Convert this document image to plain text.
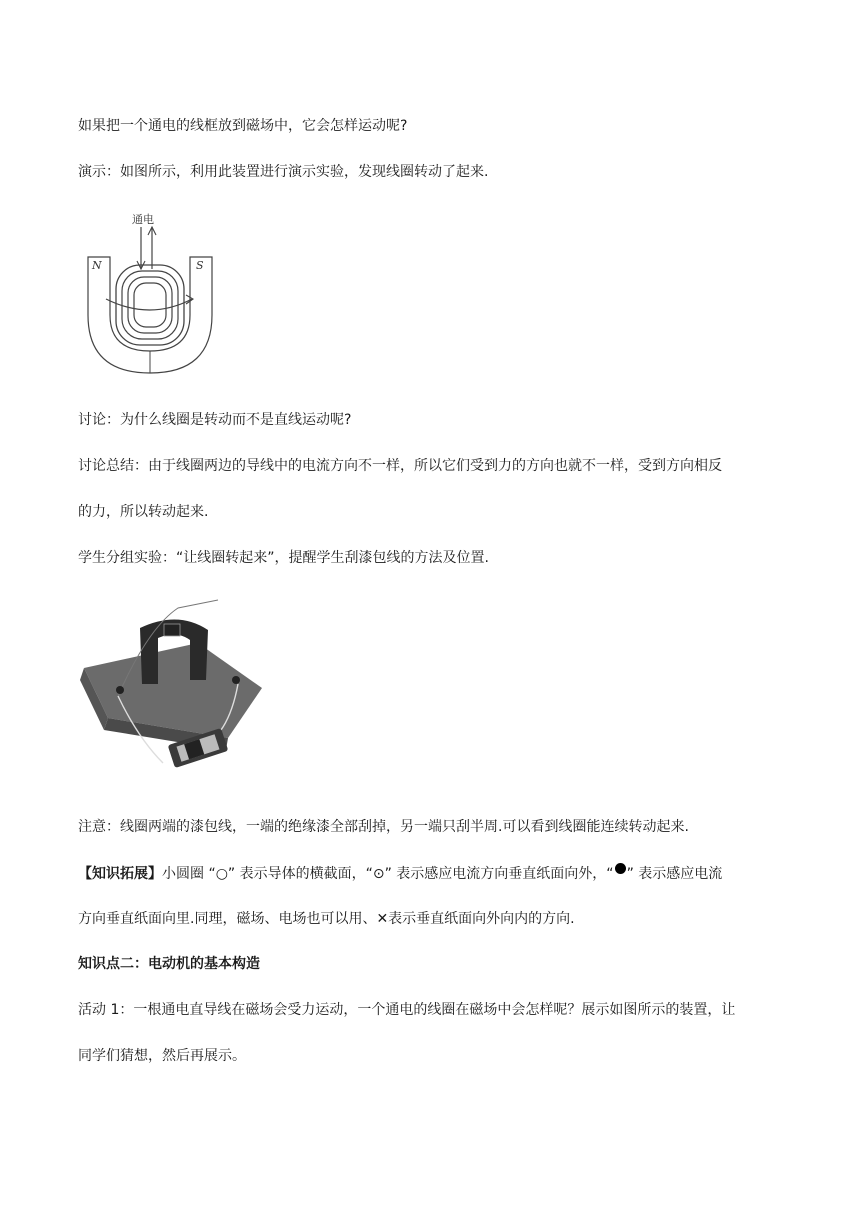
如果把一个通电的线框放到磁场中，它会怎样运动呢?
演示：如图所示，利用此装置进行演示实验，发现线圈转动了起来.
通电
N	S
讨论：为什么线圈是转动而不是直线运动呢?
讨论总结：由于线圈两边的导线中的电流方向不一样，所以它们受到力的方向也就不一样，受到方向相反
的力，所以转动起来.
学生分组实验：“让线圈转起来”，提醒学生刮漆包线的方法及位置.
注意：线圈两端的漆包线，一端的绝缘漆全部刮掉，另一端只刮半周.可以看到线圈能连续转动起来.
【知识拓展】小圆圈 “○” 表示导体的横截面，“⊙” 表示感应电流方向垂直纸面向外，“ ” 表示感应电流
方向垂直纸面向里.同理，磁场、电场也可以用、✕表示垂直纸面向外向内的方向.
知识点二：电动机的基本构造
活动 1：一根通电直导线在磁场会受力运动，一个通电的线圈在磁场中会怎样呢？展示如图所示的装置，让
同学们猜想，然后再展示。
